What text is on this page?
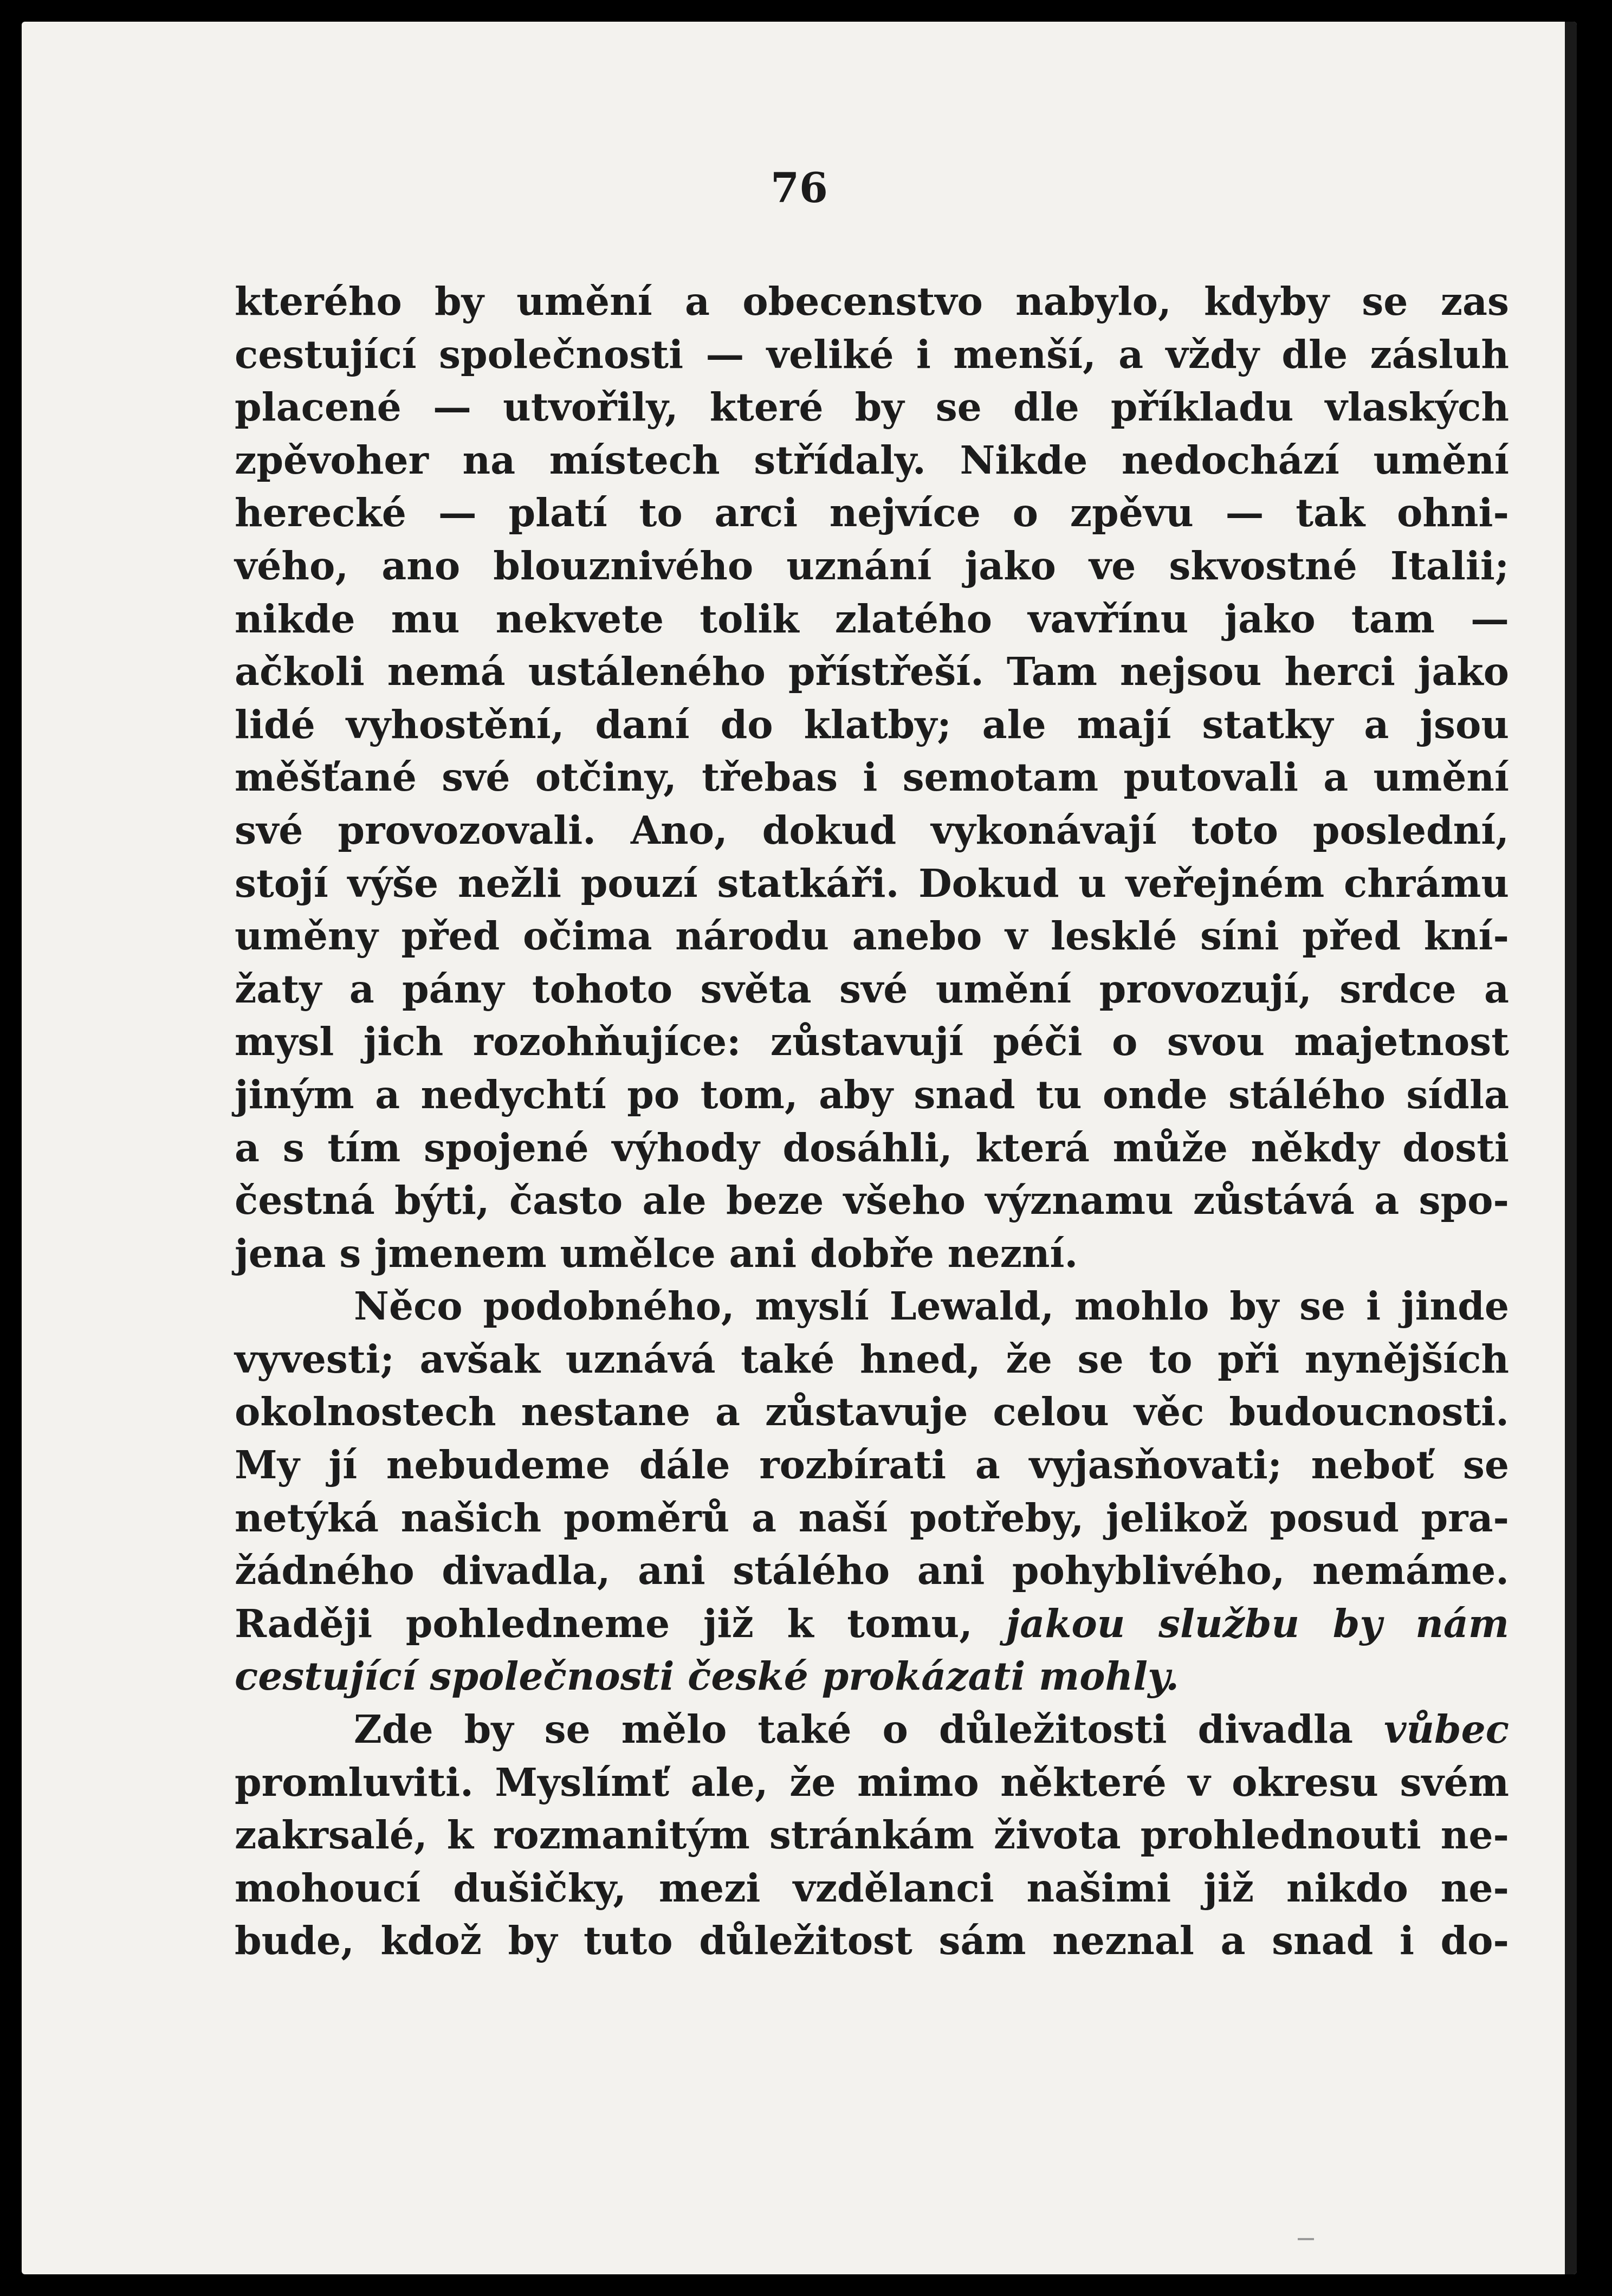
76
kterého by umění a obecenstvo nabylo, kdyby se zas
cestující společnosti — veliké i menší, a vždy dle zásluh
placené — utvořily, které by se dle příkladu vlaských
zpěvoher na místech střídaly. Nikde nedochází umění
herecké — platí to arci nejvíce o zpěvu — tak ohni-
vého, ano blouznivého uznání jako ve skvostné Italii;
nikde mu nekvete tolik zlatého vavřínu jako tam —
ačkoli nemá ustáleného přístřeší. Tam nejsou herci jako
lidé vyhostění, daní do klatby; ale mají statky a jsou
měšťané své otčiny, třebas i semotam putovali a umění
své provozovali. Ano, dokud vykonávají toto poslední,
stojí výše nežli pouzí statkáři. Dokud u veřejném chrámu
uměny před očima národu anebo v lesklé síni před kní-
žaty a pány tohoto světa své umění provozují, srdce a
mysl jich rozohňujíce: zůstavují péči o svou majetnost
jiným a nedychtí po tom, aby snad tu onde stálého sídla
a s tím spojené výhody dosáhli, která může někdy dosti
čestná býti, často ale beze všeho významu zůstává a spo-
jena s jmenem umělce ani dobře nezní.
Něco podobného, myslí Lewald, mohlo by se i jinde
vyvesti; avšak uznává také hned, že se to při nynějších
okolnostech nestane a zůstavuje celou věc budoucnosti.
My jí nebudeme dále rozbírati a vyjasňovati; neboť se
netýká našich poměrů a naší potřeby, jelikož posud pra-
žádného divadla, ani stálého ani pohyblivého, nemáme.
Raději pohledneme již k tomu, jakou službu by nám
cestující společnosti české prokázati mohly.
Zde by se mělo také o důležitosti divadla vůbec
promluviti. Myslímť ale, že mimo některé v okresu svém
zakrsalé, k rozmanitým stránkám života prohlednouti ne-
mohoucí dušičky, mezi vzdělanci našimi již nikdo ne-
bude, kdož by tuto důležitost sám neznal a snad i do-
